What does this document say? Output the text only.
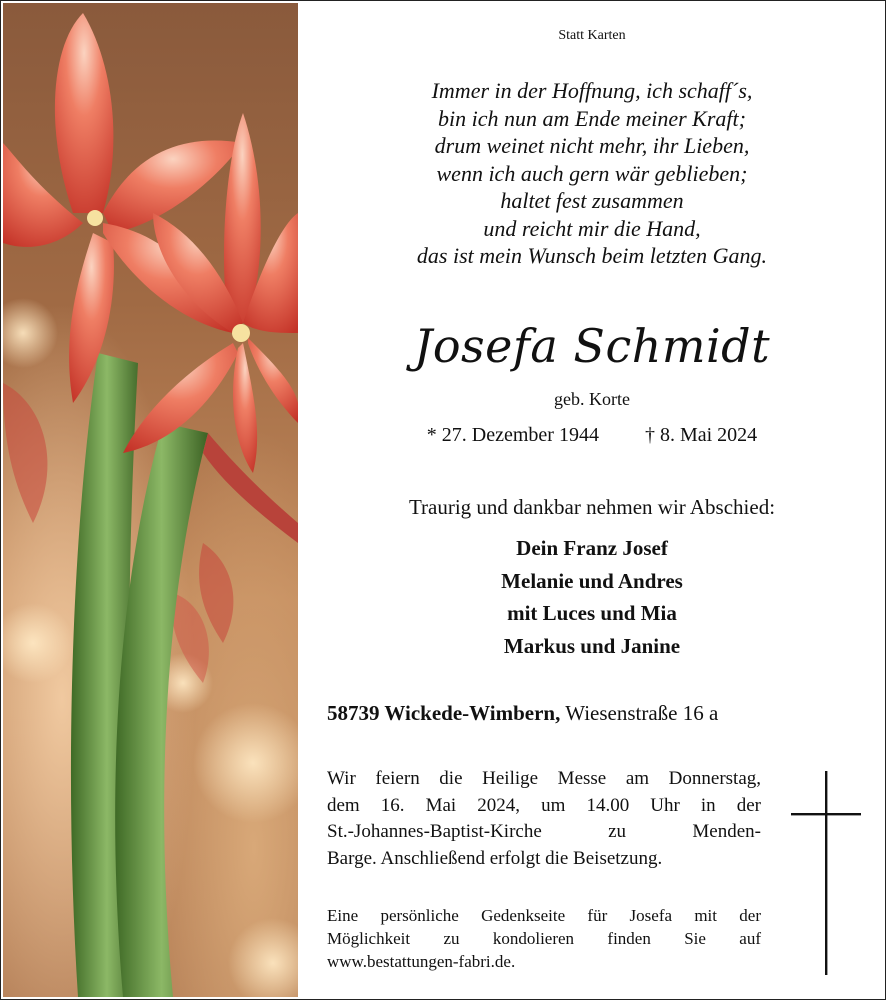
Statt Karten
Immer in der Hoffnung, ich schaff´s,
bin ich nun am Ende meiner Kraft;
drum weinet nicht mehr, ihr Lieben,
wenn ich auch gern wär geblieben;
haltet fest zusammen
und reicht mir die Hand,
das ist mein Wunsch beim letzten Gang.
Josefa Schmidt
geb. Korte
* 27. Dezember 1944 † 8. Mai 2024
Traurig und dankbar nehmen wir Abschied:
Dein Franz Josef
Melanie und Andres
mit Luces und Mia
Markus und Janine
58739 Wickede-Wimbern, Wiesenstraße 16 a
Wir feiern die Heilige Messe am Donnerstag,
dem 16. Mai 2024, um 14.00 Uhr in der
St.-Johannes-Baptist-Kirche zu Menden-
Barge. Anschließend erfolgt die Beisetzung.
Eine persönliche Gedenkseite für Josefa mit der
Möglichkeit zu kondolieren finden Sie auf
www.bestattungen-fabri.de.
